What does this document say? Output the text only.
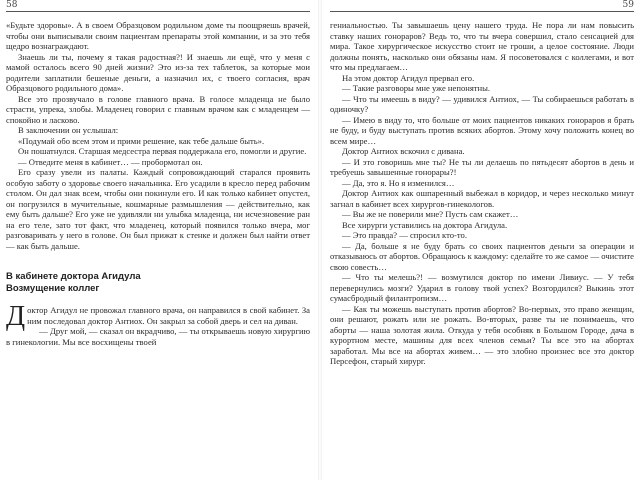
58

«Будьте здоровы». А в своем Образцовом родильном доме ты поощряешь врачей, чтобы они выписывали своим пациентам препараты этой компании, и за это тебя щедро вознаграждают.

Знаешь ли ты, почему я такая радостная?! И знаешь ли ещё, что у меня с мамой осталось всего 90 дней жизни? Это из-за тех таблеток, за которые мои родители заплатили бешеные деньги, а назначил их, с твоего согласия, врач Образцового родильного дома».

Все это прозвучало в голове главного врача. В голосе младенца не было страсти, упрека, злобы. Младенец говорил с главным врачом как с младенцем — спокойно и ласково.

В заключении он услышал:

«Подумай обо всем этом и прими решение, как тебе дальше быть».

Он пошатнулся. Старшая медсестра первая поддержала его, помогли и другие.

— Отведите меня в кабинет… — пробормотал он.

Его сразу увели из палаты. Каждый сопровождающий старался проявить особую заботу о здоровье своего начальника. Его усадили в кресло перед рабочим столом. Он дал знак всем, чтобы они покинули его. И как только кабинет опустел, он погрузился в мучительные, кошмарные размышления — действительно, как ему быть дальше? Его уже не удивляли ни улыбка младенца, ни исчезновение ран на его теле, зато тот факт, что младенец, который появился только вчера, мог разговаривать у него в голове. Он был прижат к стенке и должен был найти ответ — как быть дальше.

В кабинете доктора Агидула
Возмущение коллег

Доктор Агидул не провожал главного врача, он направился в свой кабинет. За ним последовал доктор Антиох. Он закрыл за собой дверь и сел на диван.

— Друг мой, — сказал он вкрадчиво, — ты открываешь новую хирургию в гинекологии. Мы все восхищены твоей

59

гениальностью. Ты завышаешь цену нашего труда. Не пора ли нам повысить ставку наших гонораров? Ведь то, что ты вчера совершил, стало сенсацией для мира. Такое хирургическое искусство стоит не гроши, а целое состояние. Люди должны понять, насколько они обязаны нам. Я посоветовался с коллегами, и вот что мы предлагаем…

На этом доктор Агидул прервал его.

— Такие разговоры мне уже непонятны.

— Что ты имеешь в виду? — удивился Антиох, — Ты собираешься работать в одиночку?

— Имею в виду то, что больше от моих пациентов никаких гонораров я брать не буду, и буду выступать против всяких абортов. Этому хочу положить конец во всем мире…

Доктор Антиох вскочил с дивана.

— И это говоришь мне ты? Не ты ли делаешь по пятьдесят абортов в день и требуешь завышенные гонорары?!

— Да, это я. Но я изменился…

Доктор Антиох как ошпаренный выбежал в коридор, и через несколько минут загнал в кабинет всех хирургов-гинекологов.

— Вы же не поверили мне? Пусть сам скажет…

Все хирурги уставились на доктора Агидула.

— Это правда? — спросил кто-то.

— Да, больше я не буду брать со своих пациентов деньги за операции и отказываюсь от абортов. Обращаюсь к каждому: сделайте то же самое — очистите свою совесть…

— Что ты мелешь?! — возмутился доктор по имени Ливиус. — У тебя перевернулись мозги? Ударил в голову твой успех? Возгордился? Выкинь этот сумасбродный филантропизм…

— Как ты можешь выступать против абортов? Во-первых, это право женщин, они решают, рожать или не рожать. Во-вторых, разве ты не понимаешь, что аборты — наша золотая жила. Откуда у тебя особняк в Большом Городе, дача в курортном месте, машины для всех членов семьи? Ты все это на абортах заработал. Мы все на абортах живем… — это злобно произнес все это доктор Персефон, старый хирург.
